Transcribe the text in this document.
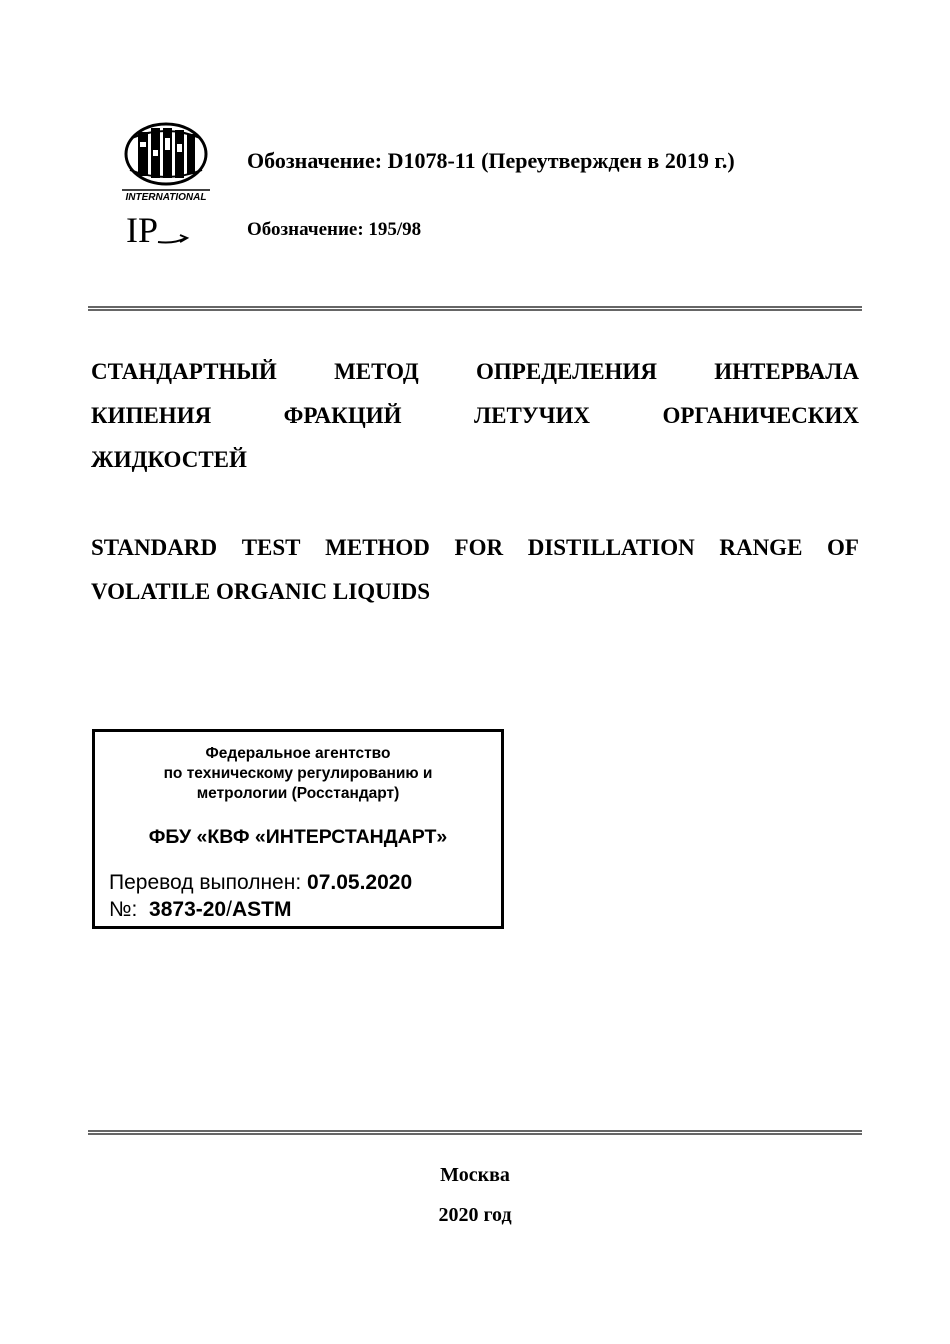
INTERNATIONAL
IP
Обозначение: D1078-11 (Переутвержден в 2019 г.)
Обозначение: 195/98
СТАНДАРТНЫЙ МЕТОД ОПРЕДЕЛЕНИЯ ИНТЕРВАЛА
КИПЕНИЯ	ФРАКЦИЙ	ЛЕТУЧИХ	ОРГАНИЧЕСКИХ
ЖИДКОСТЕЙ
STANDARD TEST METHOD FOR DISTILLATION RANGE OF
VOLATILE ORGANIC LIQUIDS
Федеральное агентство
по техническому регулированию и
метрологии (Росстандарт)
ФБУ «КВФ «ИНТЕРСТАНДАРТ»
Перевод выполнен: 07.05.2020
№: 3873-20/ASTM
Москва
2020 год
